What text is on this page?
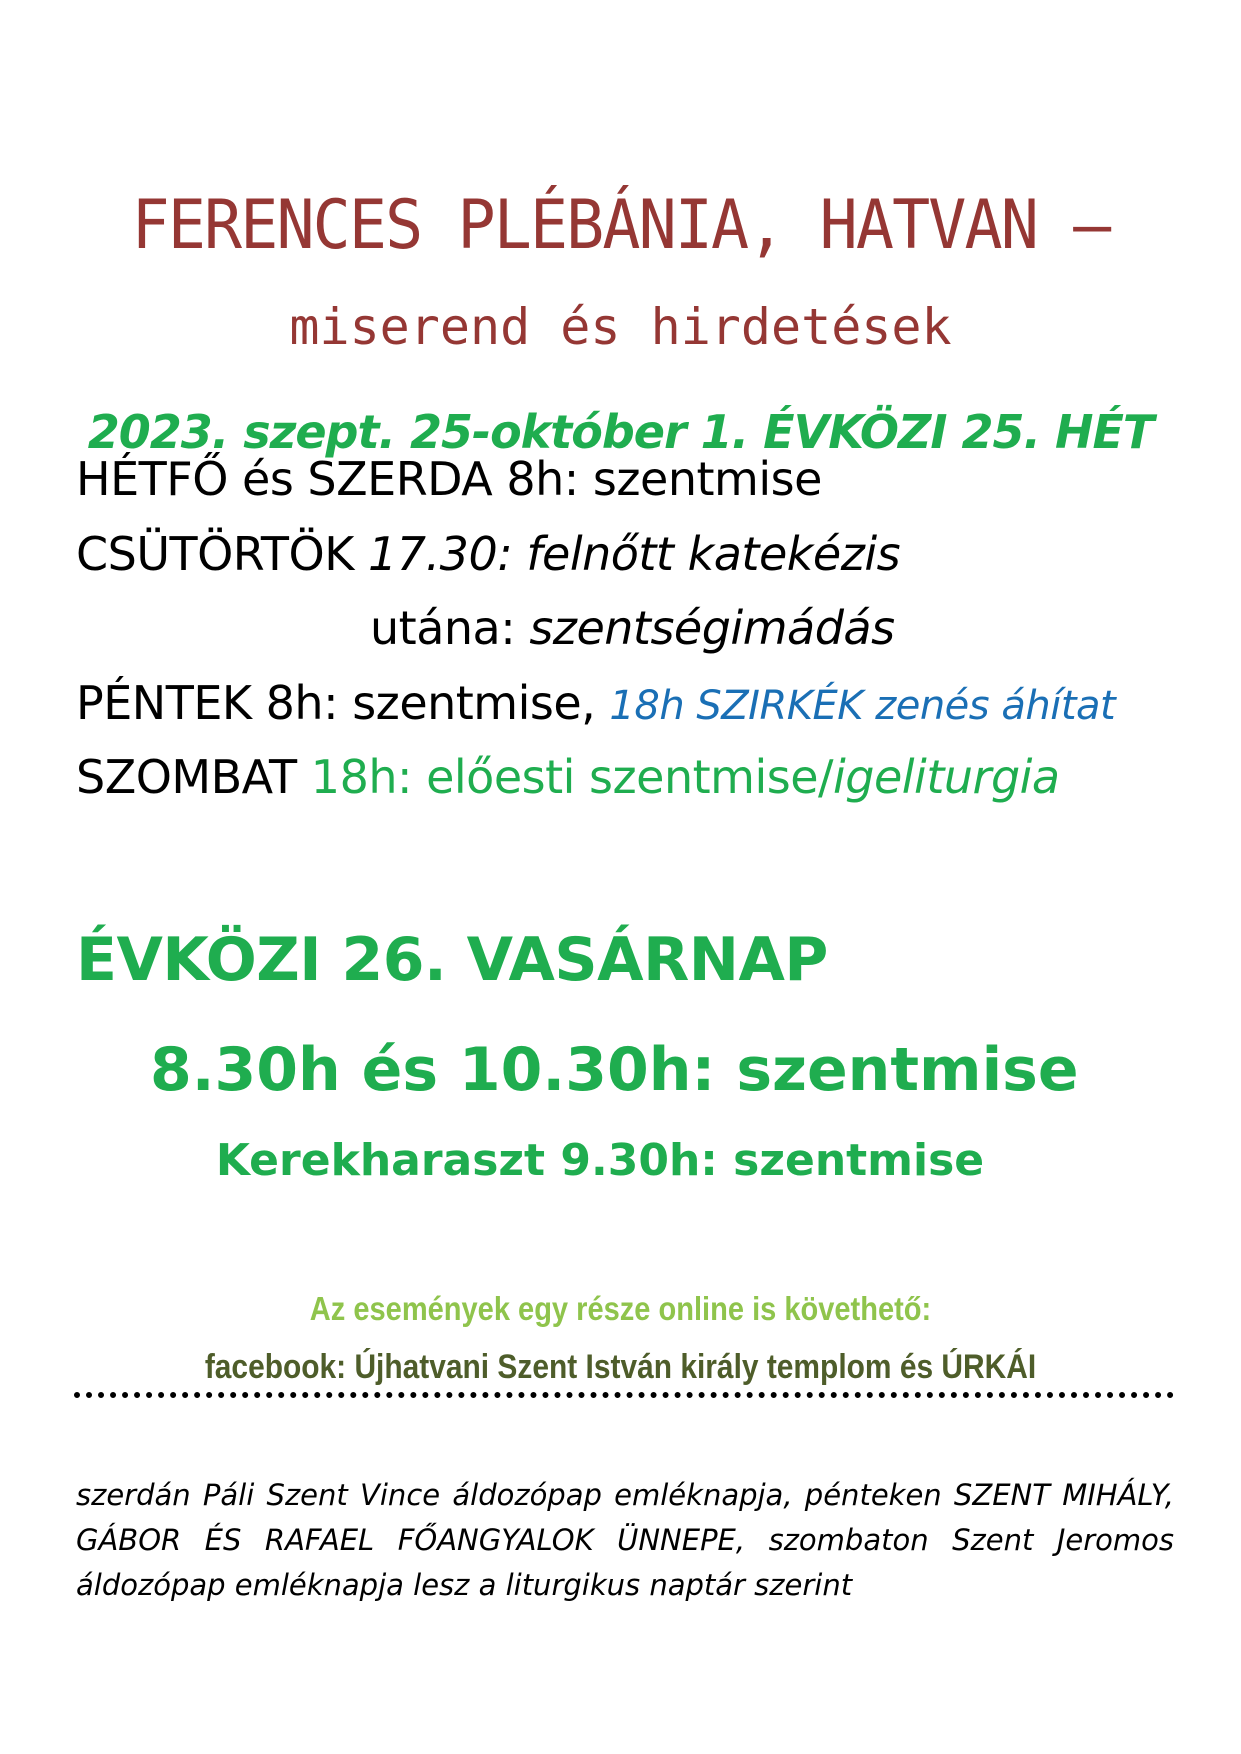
FERENCES PLÉBÁNIA, HATVAN –
miserend és hirdetések
2023. szept. 25-október 1. ÉVKÖZI 25. HÉT
HÉTFŐ és SZERDA 8h: szentmise
CSÜTÖRTÖK 17.30: felnőtt katekézis
utána: szentségimádás
PÉNTEK 8h: szentmise, 18h SZIRKÉK zenés áhítat
SZOMBAT 18h: előesti szentmise/igeliturgia
ÉVKÖZI 26. VASÁRNAP
8.30h és 10.30h: szentmise
Kerekharaszt 9.30h: szentmise
Az események egy része online is követhető:
facebook: Újhatvani Szent István király templom és ÚRKÁI
szerdán Páli Szent Vince áldozópap emléknapja, pénteken SZENT MIHÁLY, GÁBOR ÉS RAFAEL FŐANGYALOK ÜNNEPE, szombaton Szent Jeromos áldozópap emléknapja lesz a liturgikus naptár szerint
